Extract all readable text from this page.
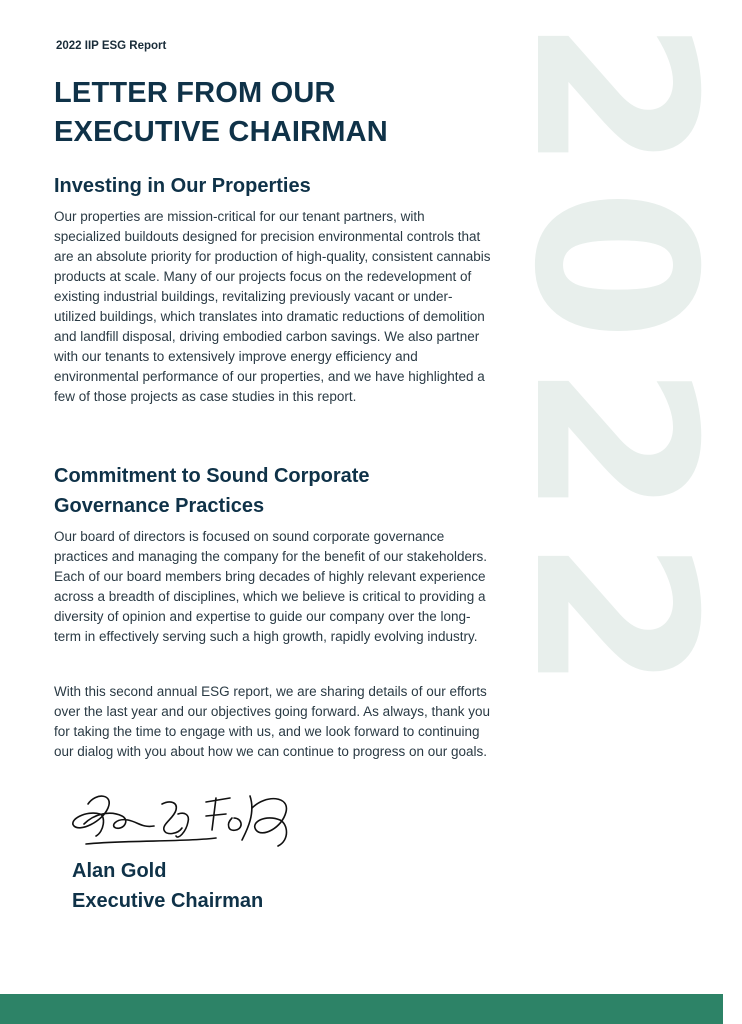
2022 IIP ESG Report
LETTER FROM OUR
EXECUTIVE CHAIRMAN 2
0
2
2
Investing in Our Properties
Our properties are mission-critical for our tenant partners, with specialized buildouts designed for precision environmental controls that are an absolute priority for production of high-quality, consistent cannabis products at scale. Many of our projects focus on the redevelopment of existing industrial buildings, revitalizing previously vacant or under-utilized buildings, which translates into dramatic reductions of demolition and landfill disposal, driving embodied carbon savings. We also partner with our tenants to extensively improve energy efficiency and environmental performance of our properties, and we have highlighted a few of those projects as case studies in this report.
Commitment to Sound Corporate
Governance Practices
Our board of directors is focused on sound corporate governance practices and managing the company for the benefit of our stakeholders. Each of our board members bring decades of highly relevant experience across a breadth of disciplines, which we believe is critical to providing a diversity of opinion and expertise to guide our company over the long-term in effectively serving such a high growth, rapidly evolving industry.
With this second annual ESG report, we are sharing details of our efforts over the last year and our objectives going forward. As always, thank you for taking the time to engage with us, and we look forward to continuing our dialog with you about how we can continue to progress on our goals.
Alan Gold
Executive Chairman
